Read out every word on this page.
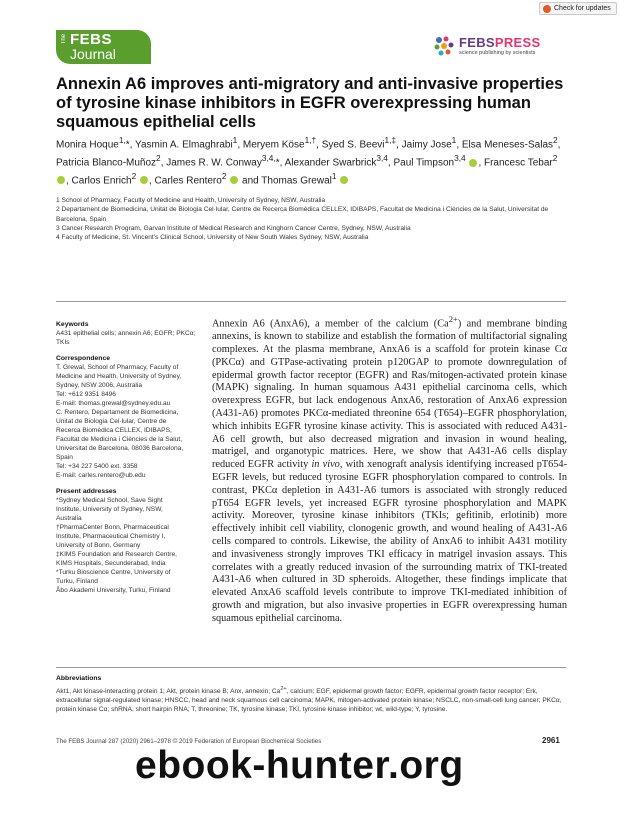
Check for updates
The FEBS
Journal
FEBSPRESS
science publishing by scientists
Annexin A6 improves anti-migratory and anti-invasive properties of tyrosine kinase inhibitors in EGFR overexpressing human squamous epithelial cells
Monira Hoque$^{1,}$*, Yasmin A. Elmaghrabi$^1$, Meryem Köse$^{1,\dagger}$, Syed S. Beevi$^{1,\ddagger}$, Jaimy Jose$^1$, Elsa Meneses-Salas$^2$, Patricia Blanco-Muñoz$^2$, James R. W. Conway$^{3,4,}$*, Alexander Swarbrick$^{3,4}$, Paul Timpson$^{3,4}$ , Francesc Tebar$^2$ , Carlos Enrich$^2$ , Carles Rentero$^2$  and Thomas Grewal$^1$
1 School of Pharmacy, Faculty of Medicine and Health, University of Sydney, NSW, Australia
2 Departament de Biomedicina, Unitat de Biologia Cel·lular, Centre de Recerca Biomèdica CELLEX, IDIBAPS, Facultat de Medicina i Ciències de la Salut, Universitat de Barcelona, Spain
3 Cancer Research Program, Garvan Institute of Medical Research and Kinghorn Cancer Centre, Sydney, NSW, Australia
4 Faculty of Medicine, St. Vincent’s Clinical School, University of New South Wales Sydney, NSW, Australia
Keywords
A431 epithelial cells; annexin A6; EGFR; PKCα; TKIs
Correspondence
T. Grewal, School of Pharmacy, Faculty of
Medicine and Health, University of Sydney,
Sydney, NSW 2006, Australia
Tel: +612 9351 8496
E-mail: thomas.grewal@sydney.edu.au
C. Rentero, Departament de Biomedicina,
Unitat de Biologia Cel·lular, Centre de
Recerca Biomèdica CELLEX, IDIBAPS,
Facultat de Medicina i Ciències de la Salut,
Universitat de Barcelona, 08036 Barcelona,
Spain
Tel: +34 227 5400 ext. 3358
E-mail: carles.rentero@ub.edu
Present addresses
*Sydney Medical School, Save Sight
Institute, University of Sydney, NSW,
Australia
†PharmaCenter Bonn, Pharmaceutical
Institute, Pharmaceutical Chemistry I,
University of Bonn, Germany
‡KIMS Foundation and Research Centre,
KIMS Hospitals, Secunderabad, India
*Turku Bioscience Centre, University of
Turku, Finland
Åbo Akademi University, Turku, Finland
Annexin A6 (AnxA6), a member of the calcium $(Ca^{2+})$ and membrane binding annexins, is known to stabilize and establish the formation of multifactorial signaling complexes. At the plasma membrane, AnxA6 is a scaffold for protein kinase Cα (PKCα) and GTPase-activating protein p120GAP to promote downregulation of epidermal growth factor receptor (EGFR) and Ras/mitogen-activated protein kinase (MAPK) signaling. In human squamous A431 epithelial carcinoma cells, which overexpress EGFR, but lack endogenous AnxA6, restoration of AnxA6 expression (A431-A6) promotes PKCα-mediated threonine 654 (T654)–EGFR phosphorylation, which inhibits EGFR tyrosine kinase activity. This is associated with reduced A431-A6 cell growth, but also decreased migration and invasion in wound healing, matrigel, and organotypic matrices. Here, we show that A431-A6 cells display reduced EGFR activity in vivo, with xenograft analysis identifying increased pT654-EGFR levels, but reduced tyrosine EGFR phosphorylation compared to controls. In contrast, PKCα depletion in A431-A6 tumors is associated with strongly reduced pT654 EGFR levels, yet increased EGFR tyrosine phosphorylation and MAPK activity. Moreover, tyrosine kinase inhibitors (TKIs; gefitinib, erlotinib) more effectively inhibit cell viability, clonogenic growth, and wound healing of A431-A6 cells compared to controls. Likewise, the ability of AnxA6 to inhibit A431 motility and invasiveness strongly improves TKI efficacy in matrigel invasion assays. This correlates with a greatly reduced invasion of the surrounding matrix of TKI-treated A431-A6 when cultured in 3D spheroids. Altogether, these findings implicate that elevated AnxA6 scaffold levels contribute to improve TKI-mediated inhibition of growth and migration, but also invasive properties in EGFR overexpressing human squamous epithelial carcinoma.
Abbreviations
Akt1, Akt kinase-interacting protein 1; Akt, protein kinase B; Anx, annexin; $Ca^{2+}$, calcium; EGF, epidermal growth factor; EGFR, epidermal growth factor receptor; Erk, extracellular signal-regulated kinase; HNSCC, head and neck squamous cell carcinoma; MAPK, mitogen-activated protein kinase; NSCLC, non-small-cell lung cancer; PKCα, protein kinase Cα; shRNA, short hairpin RNA; T, threonine; TK, tyrosine kinase; TKI, tyrosine kinase inhibitor; wt, wild-type; Y, tyrosine.
The FEBS Journal 287 (2020) 2961–2978 © 2019 Federation of European Biochemical Societies	2961
ebook-hunter.org
